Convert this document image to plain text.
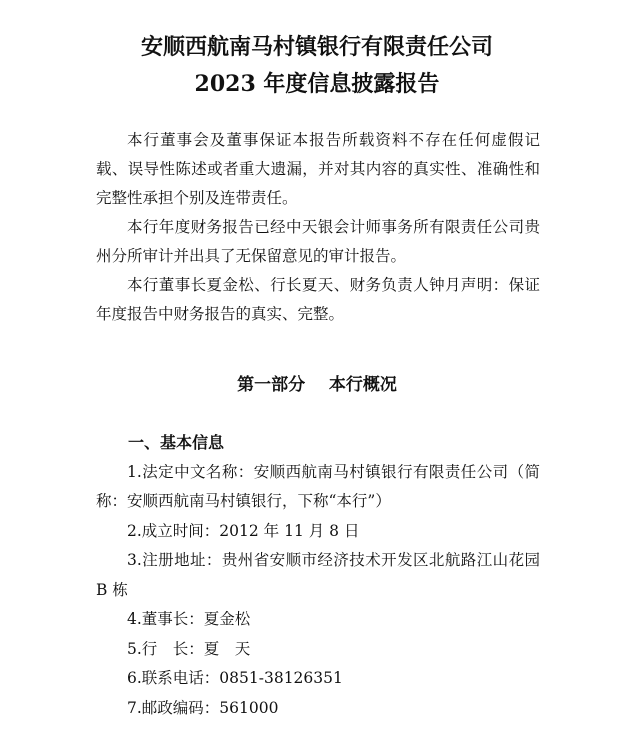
安顺西航南马村镇银行有限责任公司
2023 年度信息披露报告

本行董事会及董事保证本报告所载资料不存在任何虚假记载、误导性陈述或者重大遗漏，并对其内容的真实性、准确性和完整性承担个别及连带责任。

本行年度财务报告已经中天银会计师事务所有限责任公司贵州分所审计并出具了无保留意见的审计报告。

本行董事长夏金松、行长夏天、财务负责人钟月声明：保证年度报告中财务报告的真实、完整。

第一部分    本行概况

一、基本信息

1.法定中文名称：安顺西航南马村镇银行有限责任公司（简称：安顺西航南马村镇银行，下称“本行”）

2.成立时间：2012 年 11 月 8 日

3.注册地址：贵州省安顺市经济技术开发区北航路江山花园 B 栋

4.董事长：夏金松

5.行　长：夏　天

6.联系电话：0851-38126351

7.邮政编码：561000
